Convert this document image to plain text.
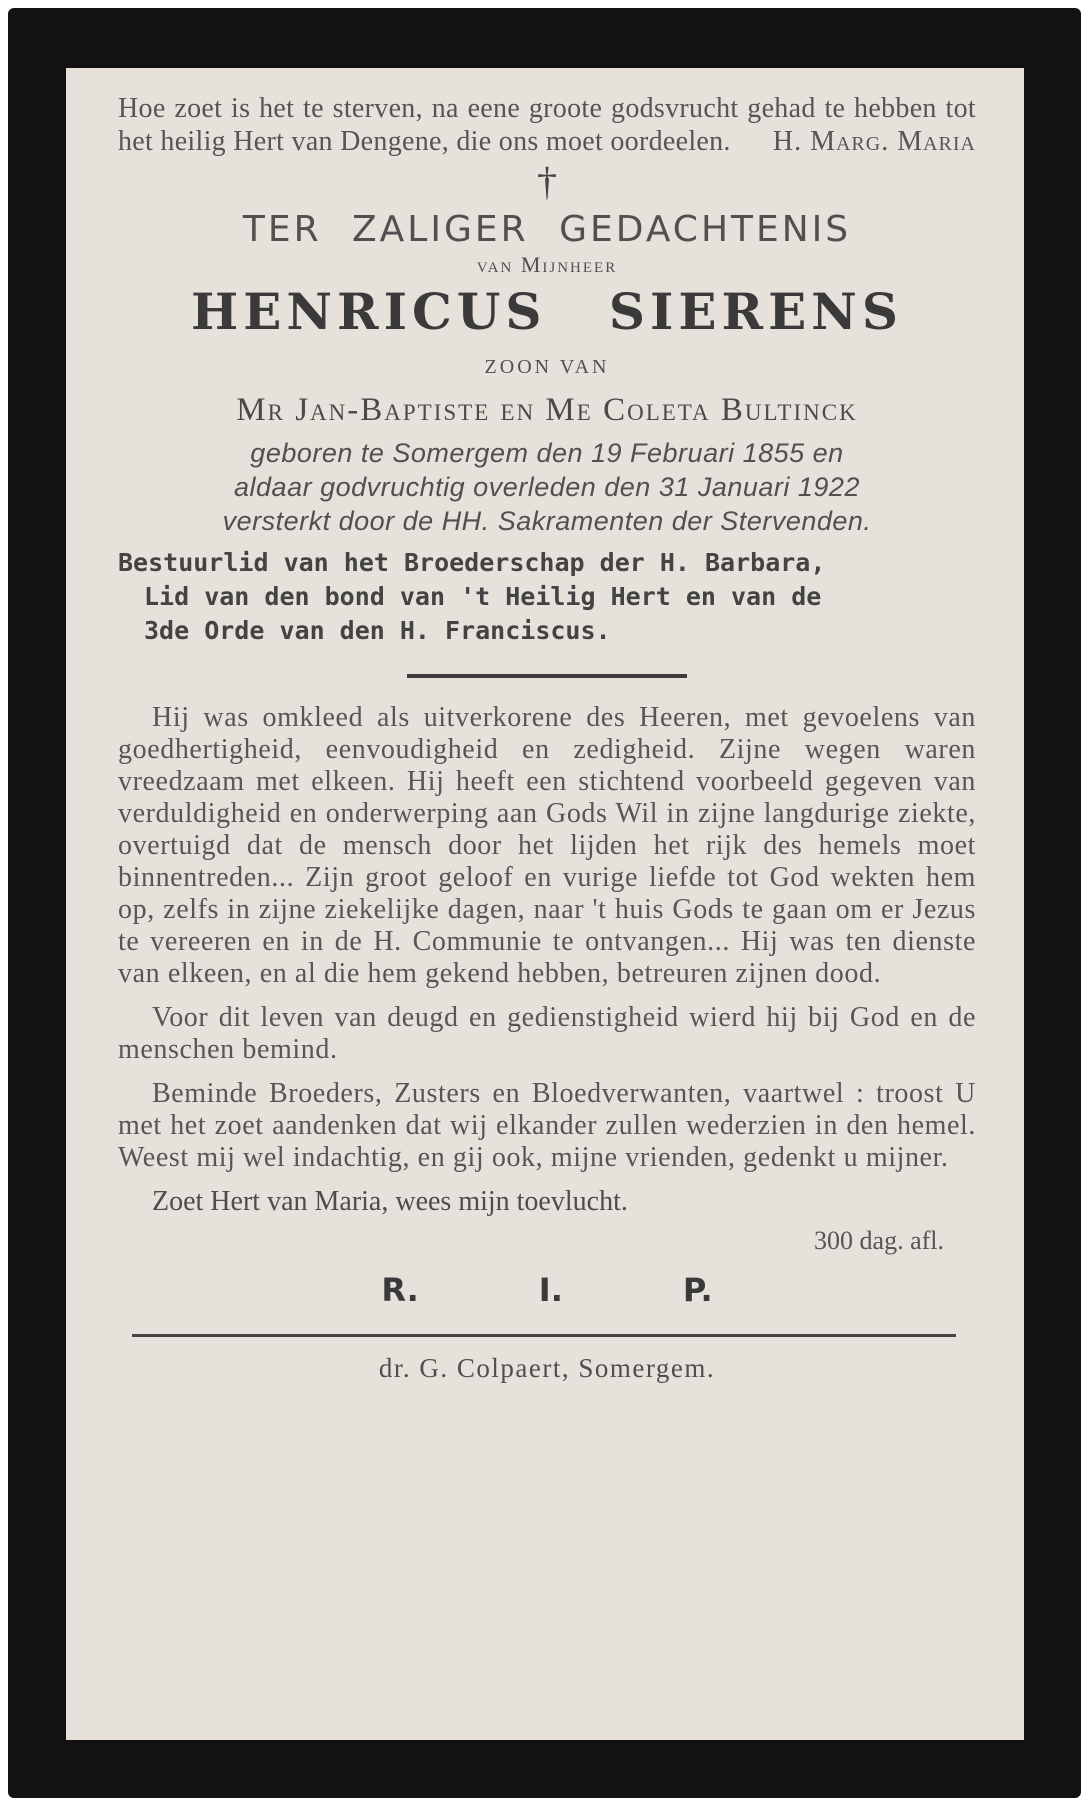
Hoe zoet is het te sterven, na eene groote godsvrucht gehad te hebben tot het heilig Hert van Dengene, die ons moet oordeelen. H. Marg. Maria

†
TER ZALIGER GEDACHTENIS
van Mijnheer
HENRICUS SIERENS
ZOON VAN
Mr Jan-Baptiste en Me Coleta Bultinck
geboren te Somergem den 19 Februari 1855 en
aldaar godvruchtig overleden den 31 Januari 1922
versterkt door de HH. Sakramenten der Stervenden.
Bestuurlid van het Broederschap der H. Barbara,
Lid van den bond van 't Heilig Hert en van de
3de Orde van den H. Franciscus.

Hij was omkleed als uitverkorene des Heeren, met gevoelens van goedhertigheid, eenvoudigheid en zedigheid. Zijne wegen waren vreedzaam met elkeen. Hij heeft een stichtend voorbeeld gegeven van verduldigheid en onderwerping aan Gods Wil in zijne langdurige ziekte, overtuigd dat de mensch door het lijden het rijk des hemels moet binnentreden... Zijn groot geloof en vurige liefde tot God wekten hem op, zelfs in zijne ziekelijke dagen, naar 't huis Gods te gaan om er Jezus te vereeren en in de H. Communie te ontvangen... Hij was ten dienste van elkeen, en al die hem gekend hebben, betreuren zijnen dood.

Voor dit leven van deugd en gedienstigheid wierd hij bij God en de menschen bemind.

Beminde Broeders, Zusters en Bloedverwanten, vaartwel : troost U met het zoet aandenken dat wij elkander zullen wederzien in den hemel. Weest mij wel indachtig, en gij ook, mijne vrienden, gedenkt u mijner.

Zoet Hert van Maria, wees mijn toevlucht.

300 dag. afl.
R.	I.	P.
dr. G. Colpaert, Somergem.
